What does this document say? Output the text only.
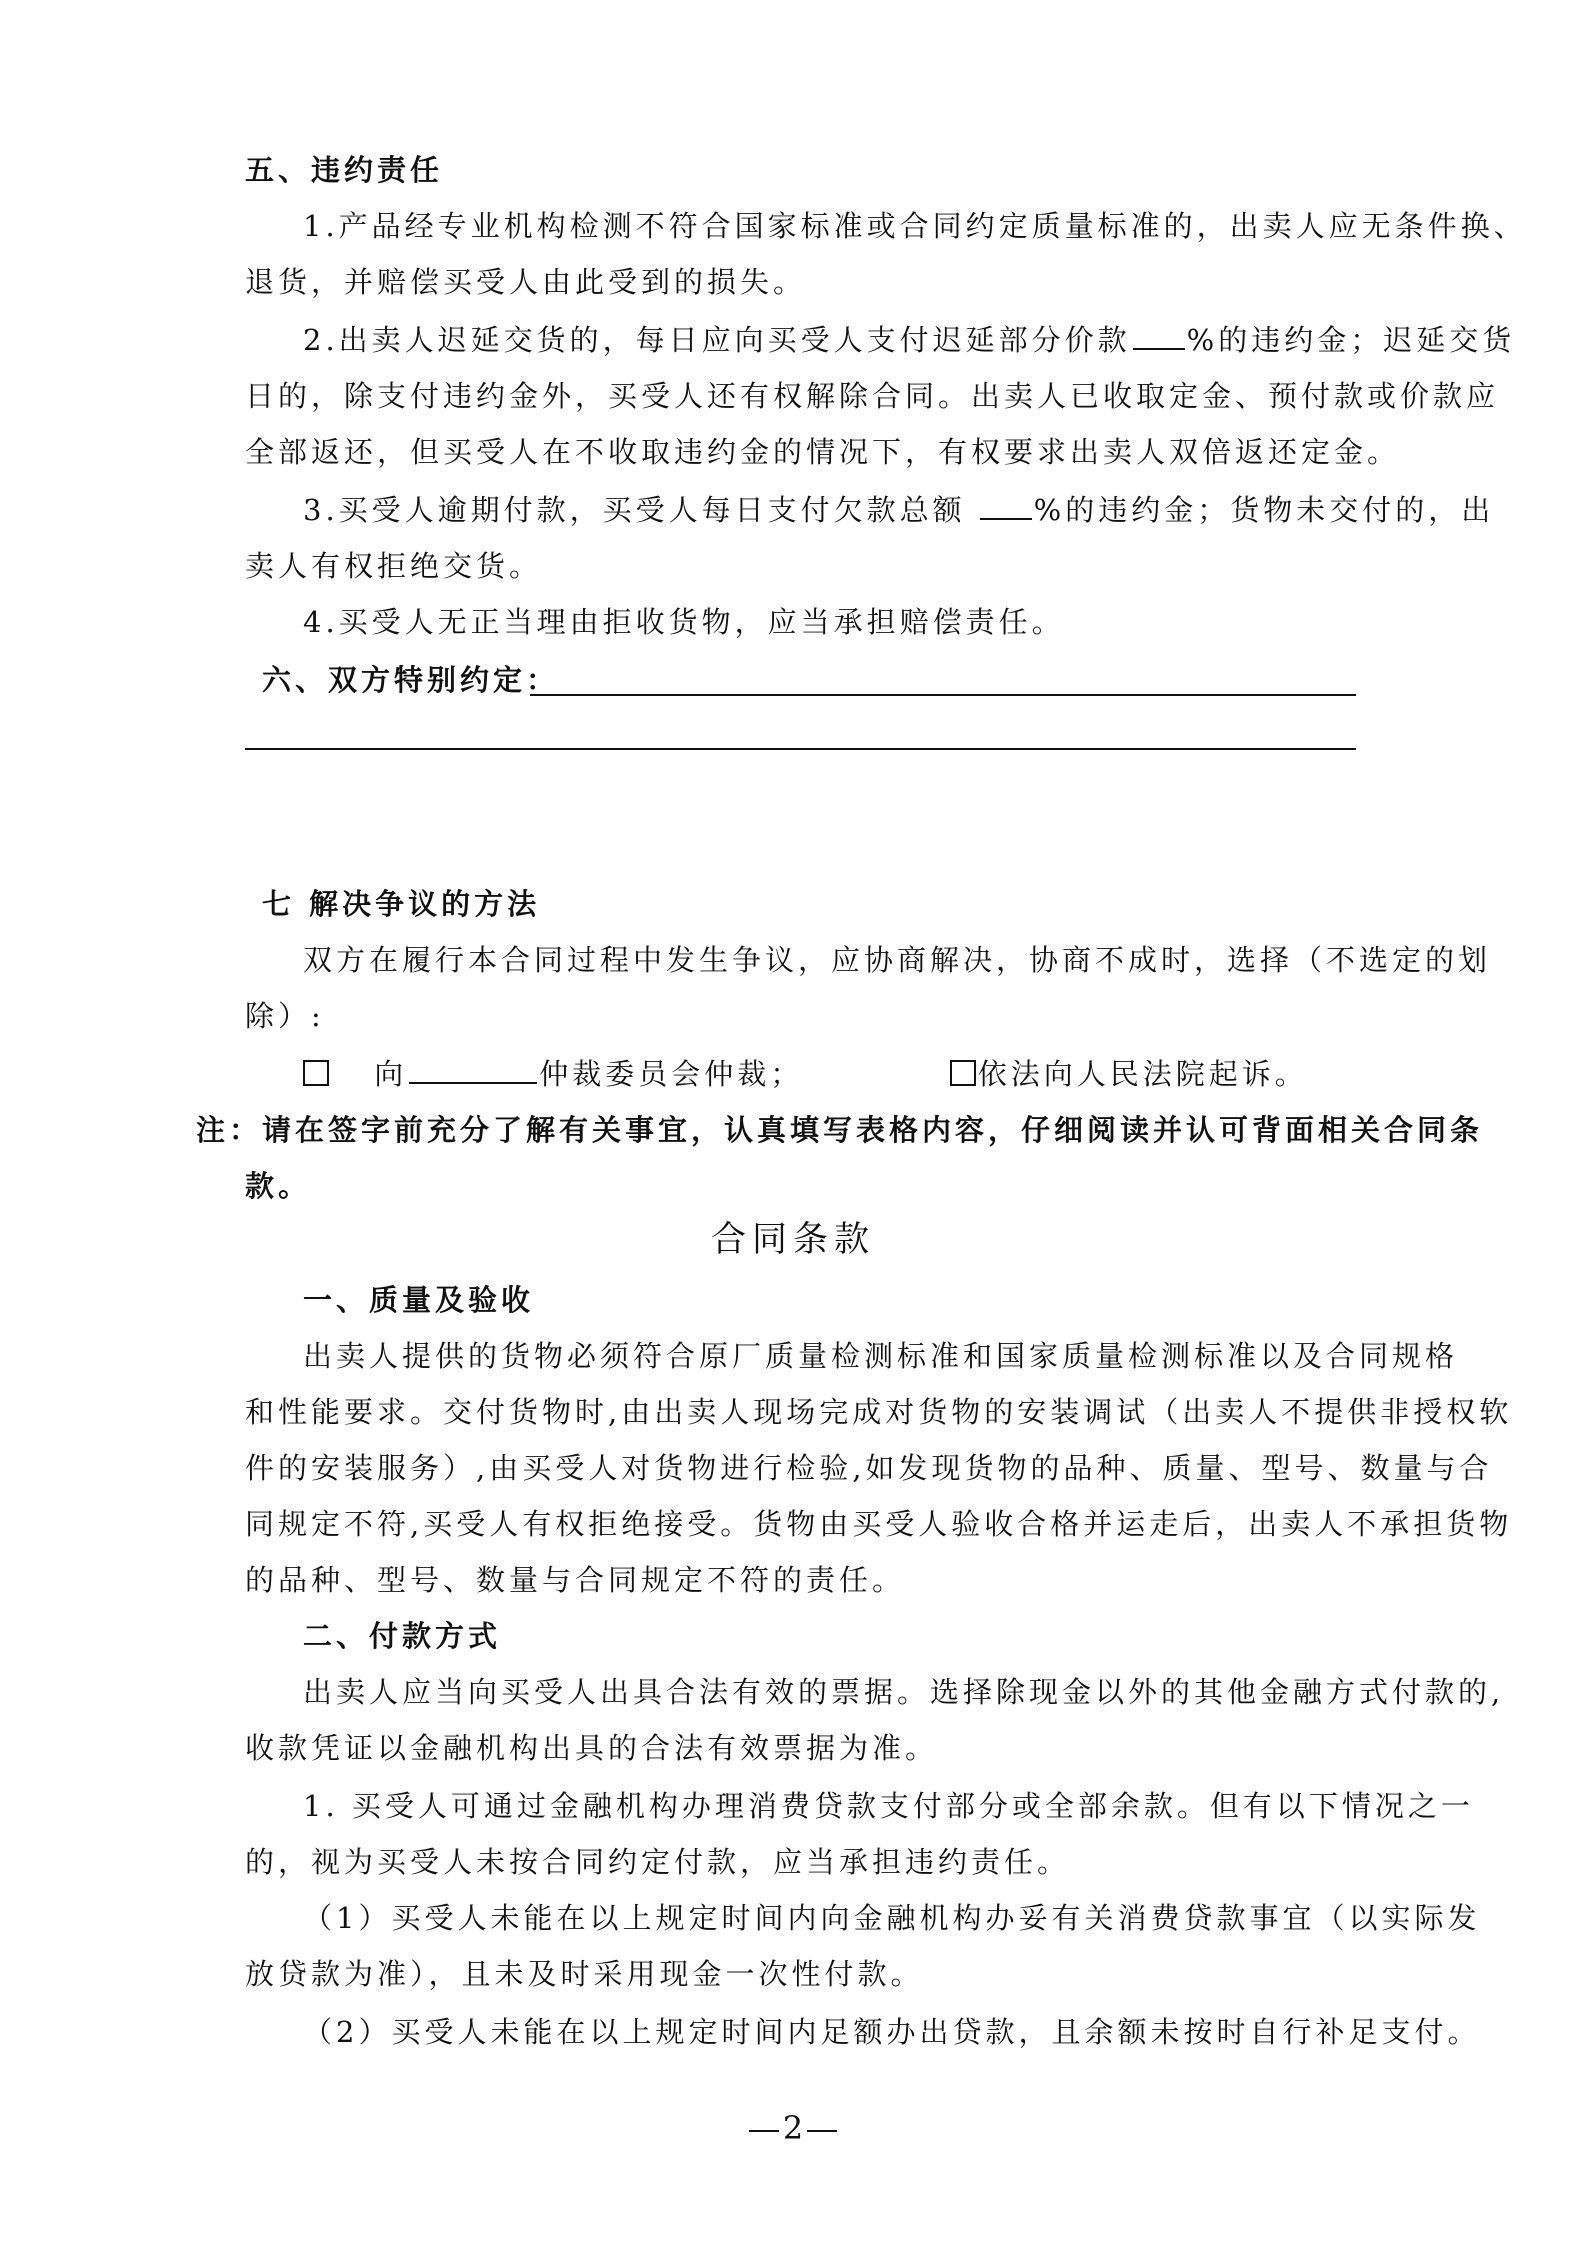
五、违约责任
1.产品经专业机构检测不符合国家标准或合同约定质量标准的，出卖人应无条件换、
退货，并赔偿买受人由此受到的损失。
2.出卖人迟延交货的，每日应向买受人支付迟延部分价款 %的违约金；迟延交货
日的，除支付违约金外，买受人还有权解除合同。出卖人已收取定金、预付款或价款应
全部返还，但买受人在不收取违约金的情况下，有权要求出卖人双倍返还定金。
3.买受人逾期付款，买受人每日支付欠款总额 %的违约金；货物未交付的，出
卖人有权拒绝交货。
4.买受人无正当理由拒收货物，应当承担赔偿责任。
六、双方特别约定：
七 解决争议的方法
双方在履行本合同过程中发生争议，应协商解决，协商不成时，选择（不选定的划
除）:
向	仲裁委员会仲裁；	依法向人民法院起诉。
注：请在签字前充分了解有关事宜，认真填写表格内容，仔细阅读并认可背面相关合同条
款。
合同条款
一、质量及验收
出卖人提供的货物必须符合原厂质量检测标准和国家质量检测标准以及合同规格
和性能要求。交付货物时,由出卖人现场完成对货物的安装调试（出卖人不提供非授权软
件的安装服务）,由买受人对货物进行检验,如发现货物的品种、质量、型号、数量与合
同规定不符,买受人有权拒绝接受。货物由买受人验收合格并运走后，出卖人不承担货物
的品种、型号、数量与合同规定不符的责任。
二、付款方式
出卖人应当向买受人出具合法有效的票据。选择除现金以外的其他金融方式付款的,
收款凭证以金融机构出具的合法有效票据为准。
1. 买受人可通过金融机构办理消费贷款支付部分或全部余款。但有以下情况之一
的，视为买受人未按合同约定付款，应当承担违约责任。
（1）买受人未能在以上规定时间内向金融机构办妥有关消费贷款事宜（以实际发
放贷款为准），且未及时采用现金一次性付款。
（2）买受人未能在以上规定时间内足额办出贷款，且余额未按时自行补足支付。
2
